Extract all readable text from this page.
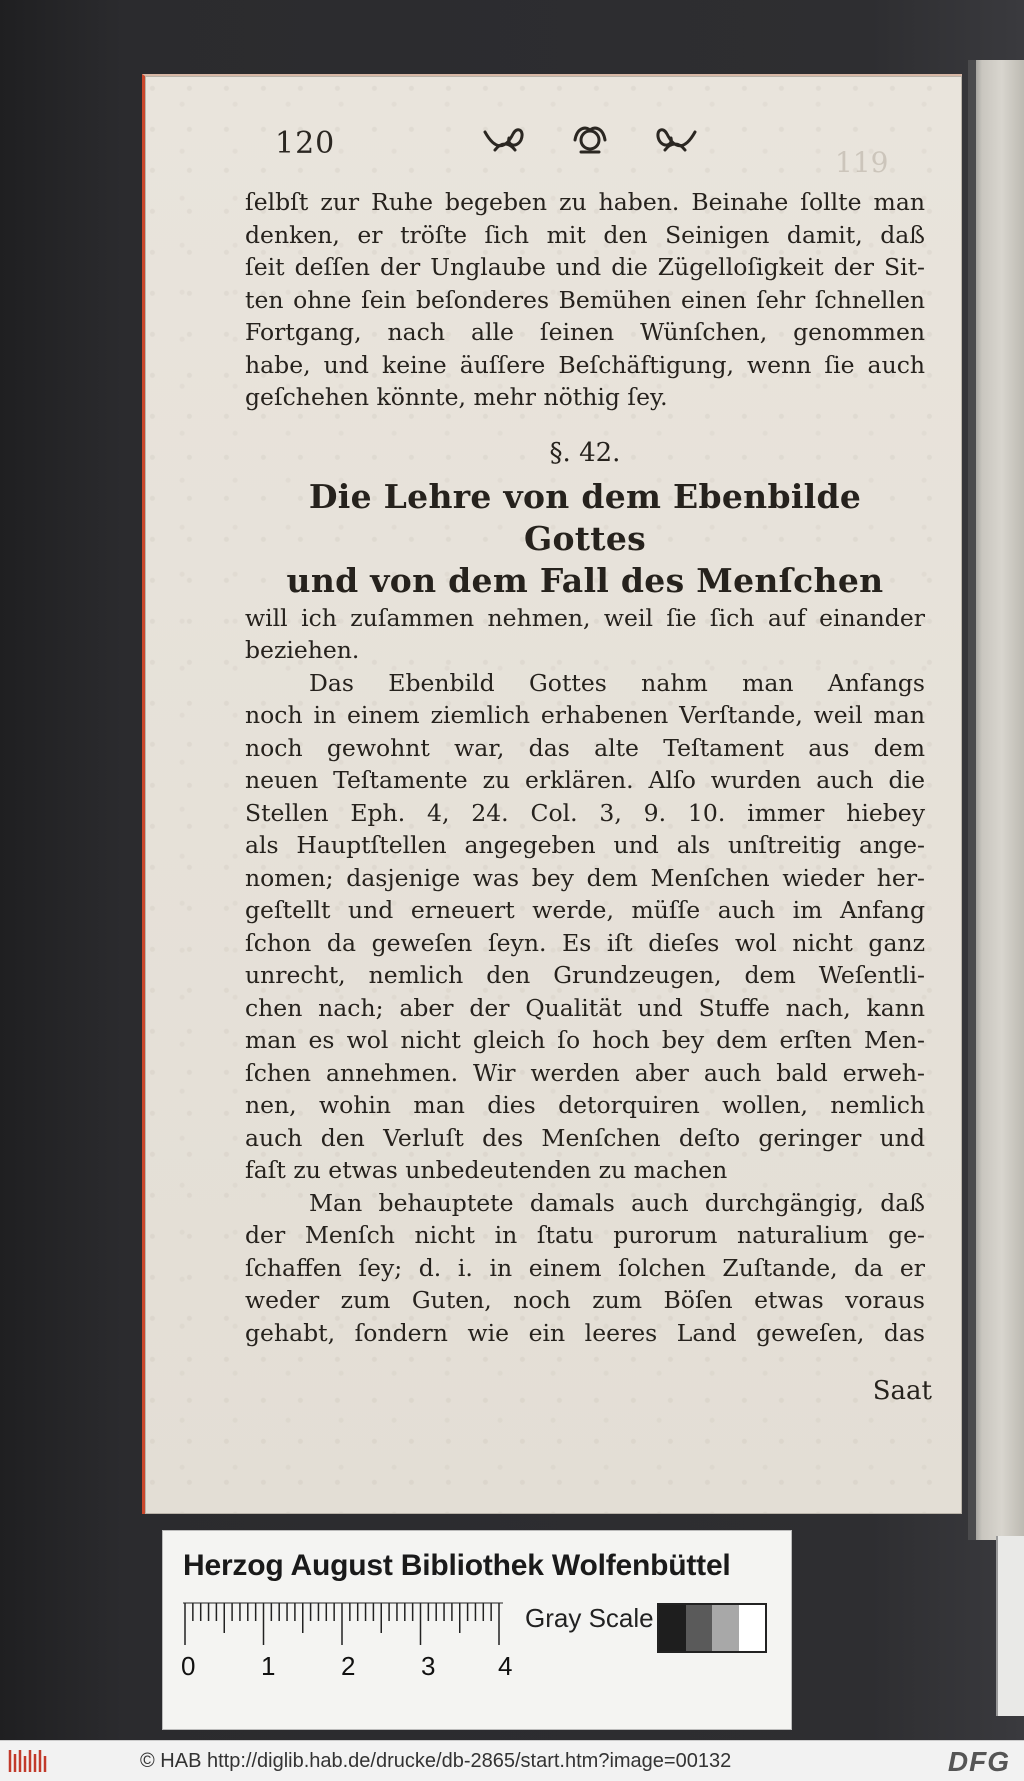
120
119
ſelbſt zur Ruhe begeben zu haben. Beinahe ſollte man
denken, er tröſte ſich mit den Seinigen damit, daß
ſeit deſſen der Unglaube und die Zügelloſigkeit der Sit-
ten ohne ſein beſonderes Bemühen einen ſehr ſchnellen
Fortgang, nach alle ſeinen Wünſchen, genommen
habe, und keine äuſſere Beſchäftigung, wenn ſie auch
geſchehen könnte, mehr nöthig ſey.
§. 42.
Die Lehre von dem Ebenbilde Gottes
und von dem Fall des Menſchen
will ich zuſammen nehmen, weil ſie ſich auf einander
beziehen.
Das Ebenbild Gottes nahm man Anfangs
noch in einem ziemlich erhabenen Verſtande, weil man
noch gewohnt war, das alte Teſtament aus dem
neuen Teſtamente zu erklären. Alſo wurden auch die
Stellen Eph. 4, 24. Col. 3, 9. 10. immer hiebey
als Hauptſtellen angegeben und als unſtreitig ange-
nomen; dasjenige was bey dem Menſchen wieder her-
geſtellt und erneuert werde, müſſe auch im Anfang
ſchon da geweſen ſeyn. Es iſt dieſes wol nicht ganz
unrecht, nemlich den Grundzeugen, dem Weſentli-
chen nach; aber der Qualität und Stuffe nach, kann
man es wol nicht gleich ſo hoch bey dem erſten Men-
ſchen annehmen. Wir werden aber auch bald erweh-
nen, wohin man dies detorquiren wollen, nemlich
auch den Verluſt des Menſchen deſto geringer und
faſt zu etwas unbedeutenden zu machen
Man behauptete damals auch durchgängig, daß
der Menſch nicht in ſtatu purorum naturalium ge-
ſchaffen ſey; d. i. in einem ſolchen Zuſtande, da er
weder zum Guten, noch zum Böſen etwas voraus
gehabt, ſondern wie ein leeres Land geweſen, das
Saat
Herzog August Bibliothek Wolfenbüttel
0	1	2	3 4
Gray Scale
© HAB http://diglib.hab.de/drucke/db-2865/start.htm?image=00132	DFG
